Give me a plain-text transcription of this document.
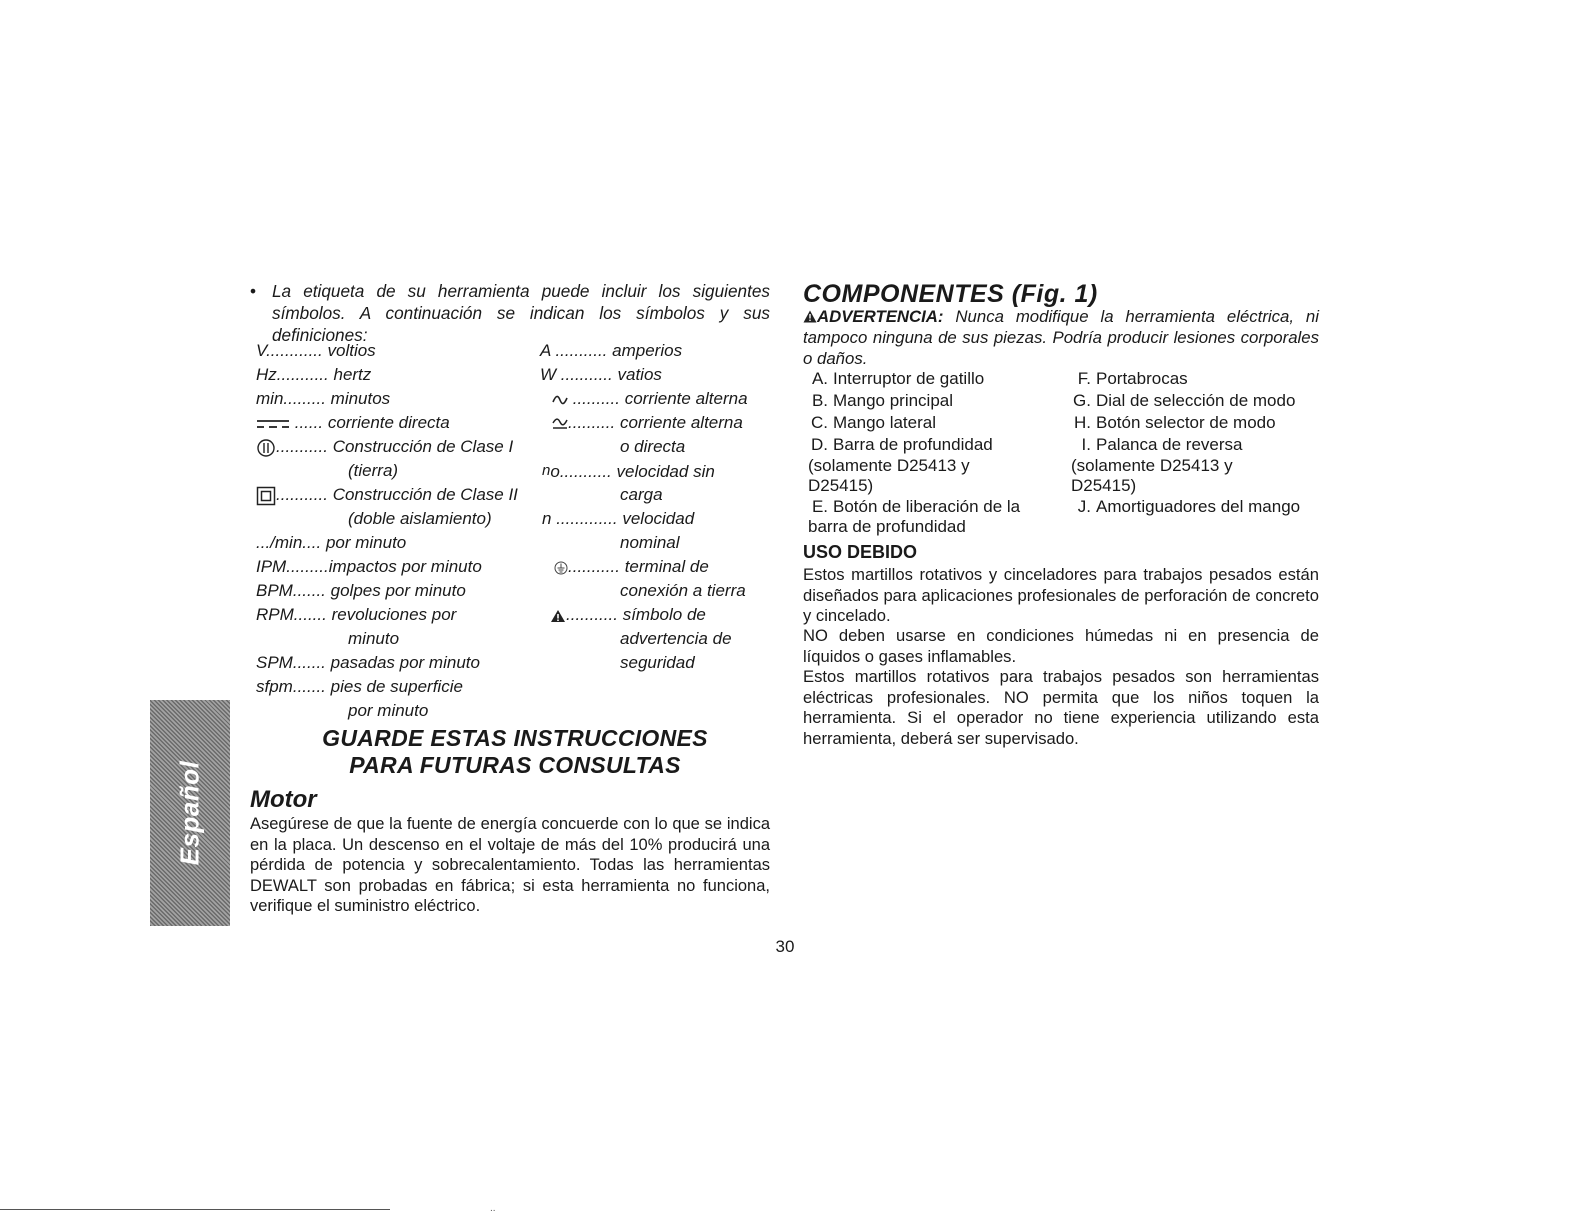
Español
• La etiqueta de su herramienta puede incluir los siguientes símbolos. A continuación se indican los símbolos y sus definiciones:
V............ voltios
Hz........... hertz
min......... minutos
...... corriente directa
........... Construcción de Clase I
(tierra)
........... Construcción de Clase II
(doble aislamiento)
.../min.... por minuto
IPM.........impactos por minuto
BPM....... golpes por minuto
RPM....... revoluciones por
minuto
SPM....... pasadas por minuto
sfpm....... pies de superficie
por minuto
A ........... amperios
W ........... vatios
.......... corriente alterna
.......... corriente alterna
o directa
no........... velocidad sin
carga
n ............. velocidad
nominal
........... terminal de
conexión a tierra
........... símbolo de
advertencia de
seguridad
GUARDE ESTAS INSTRUCCIONES
PARA FUTURAS CONSULTAS
Motor
Asegúrese de que la fuente de energía concuerde con lo que se indica en la placa. Un descenso en el voltaje de más del 10% producirá una pérdida de potencia y sobrecalentamiento. Todas las herramientas DEWALT son probadas en fábrica; si esta herramienta no funciona, verifique el suministro eléctrico.
COMPONENTES (Fig. 1)
ADVERTENCIA: Nunca modifique la herramienta eléctrica, ni tampoco ninguna de sus piezas. Podría producir lesiones corporales o daños.
A. Interruptor de gatillo
B. Mango principal
C. Mango lateral
D. Barra de profundidad
(solamente D25413 y
D25415)
E. Botón de liberación de la
barra de profundidad
F. Portabrocas
G. Dial de selección de modo
H. Botón selector de modo
I. Palanca de reversa
(solamente D25413 y
D25415)
J. Amortiguadores del mango
USO DEBIDO
Estos martillos rotativos y cinceladores para trabajos pesados están diseñados para aplicaciones profesionales de perforación de concreto y cincelado.
NO deben usarse en condiciones húmedas ni en presencia de líquidos o gases inflamables.
Estos martillos rotativos para trabajos pesados son herramientas eléctricas profesionales. NO permita que los niños toquen la herramienta. Si el operador no tiene experiencia utilizando esta herramienta, deberá ser supervisado.
30
..
